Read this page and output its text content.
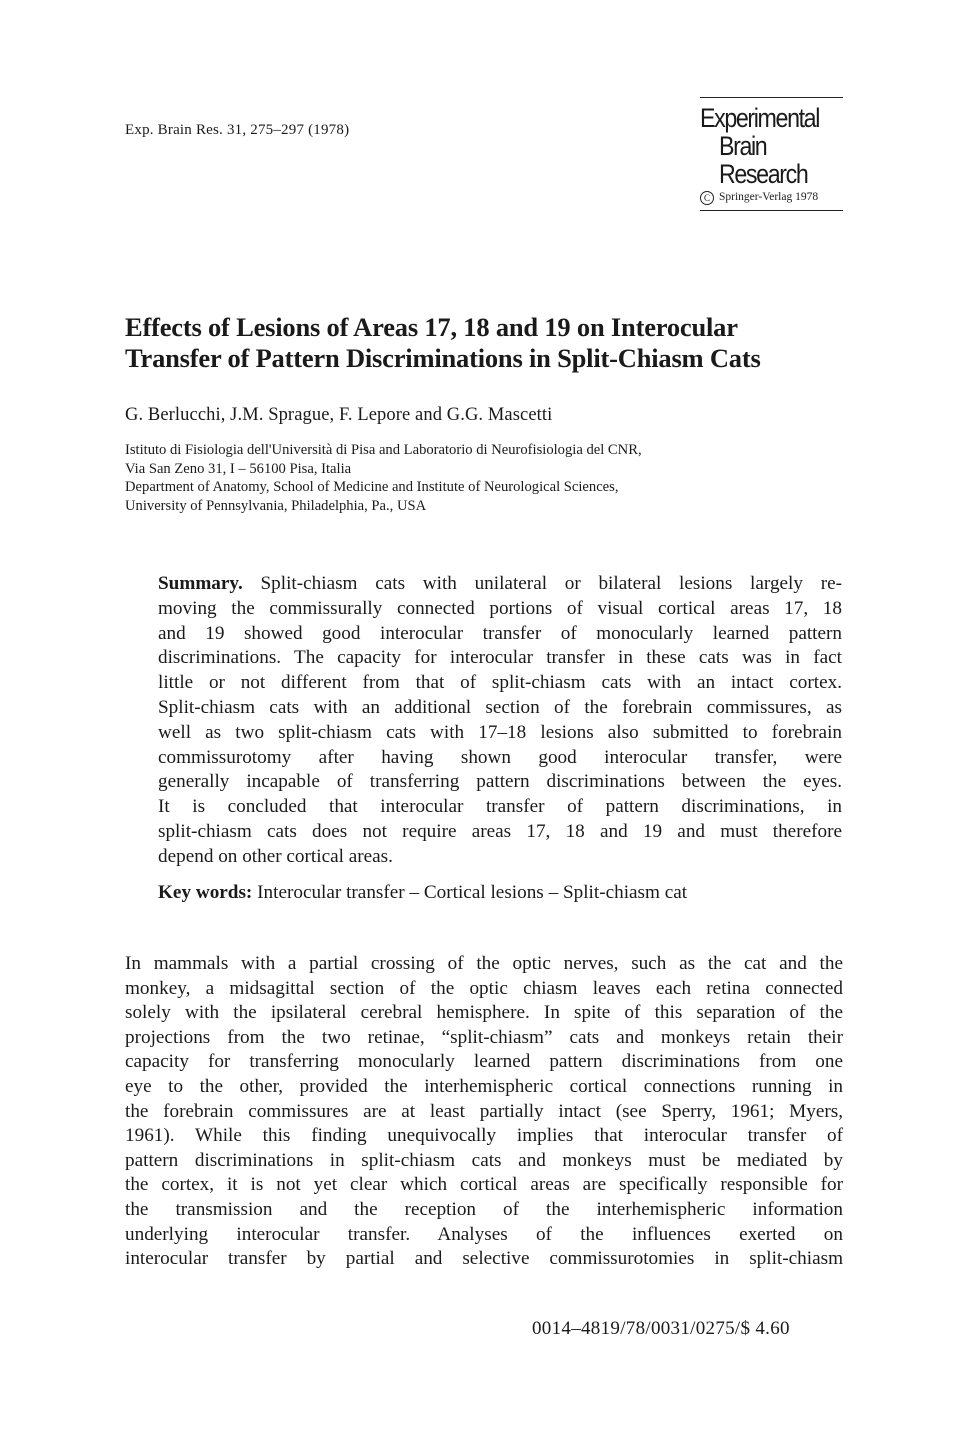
Exp. Brain Res. 31, 275–297 (1978)	Experimental
Brain
Research
C Springer-Verlag 1978
Effects of Lesions of Areas 17, 18 and 19 on Interocular
Transfer of Pattern Discriminations in Split-Chiasm Cats
G. Berlucchi, J.M. Sprague, F. Lepore and G.G. Mascetti
Istituto di Fisiologia dell'Università di Pisa and Laboratorio di Neurofisiologia del CNR,
Via San Zeno 31, I – 56100 Pisa, Italia
Department of Anatomy, School of Medicine and Institute of Neurological Sciences,
University of Pennsylvania, Philadelphia, Pa., USA
Summary. Split-chiasm cats with unilateral or bilateral lesions largely re-
moving the commissurally connected portions of visual cortical areas 17, 18
and 19 showed good interocular transfer of monocularly learned pattern
discriminations. The capacity for interocular transfer in these cats was in fact
little or not different from that of split-chiasm cats with an intact cortex.
Split-chiasm cats with an additional section of the forebrain commissures, as
well as two split-chiasm cats with 17–18 lesions also submitted to forebrain
commissurotomy after having shown good interocular transfer, were
generally incapable of transferring pattern discriminations between the eyes.
It is concluded that interocular transfer of pattern discriminations, in
split-chiasm cats does not require areas 17, 18 and 19 and must therefore
depend on other cortical areas.
Key words: Interocular transfer – Cortical lesions – Split-chiasm cat
In mammals with a partial crossing of the optic nerves, such as the cat and the
monkey, a midsagittal section of the optic chiasm leaves each retina connected
solely with the ipsilateral cerebral hemisphere. In spite of this separation of the
projections from the two retinae, “split-chiasm” cats and monkeys retain their
capacity for transferring monocularly learned pattern discriminations from one
eye to the other, provided the interhemispheric cortical connections running in
the forebrain commissures are at least partially intact (see Sperry, 1961; Myers,
1961). While this finding unequivocally implies that interocular transfer of
pattern discriminations in split-chiasm cats and monkeys must be mediated by
the cortex, it is not yet clear which cortical areas are specifically responsible for
the transmission and the reception of the interhemispheric information
underlying interocular transfer. Analyses of the influences exerted on
interocular transfer by partial and selective commissurotomies in split-chiasm
0014–4819/78/0031/0275/$ 4.60
